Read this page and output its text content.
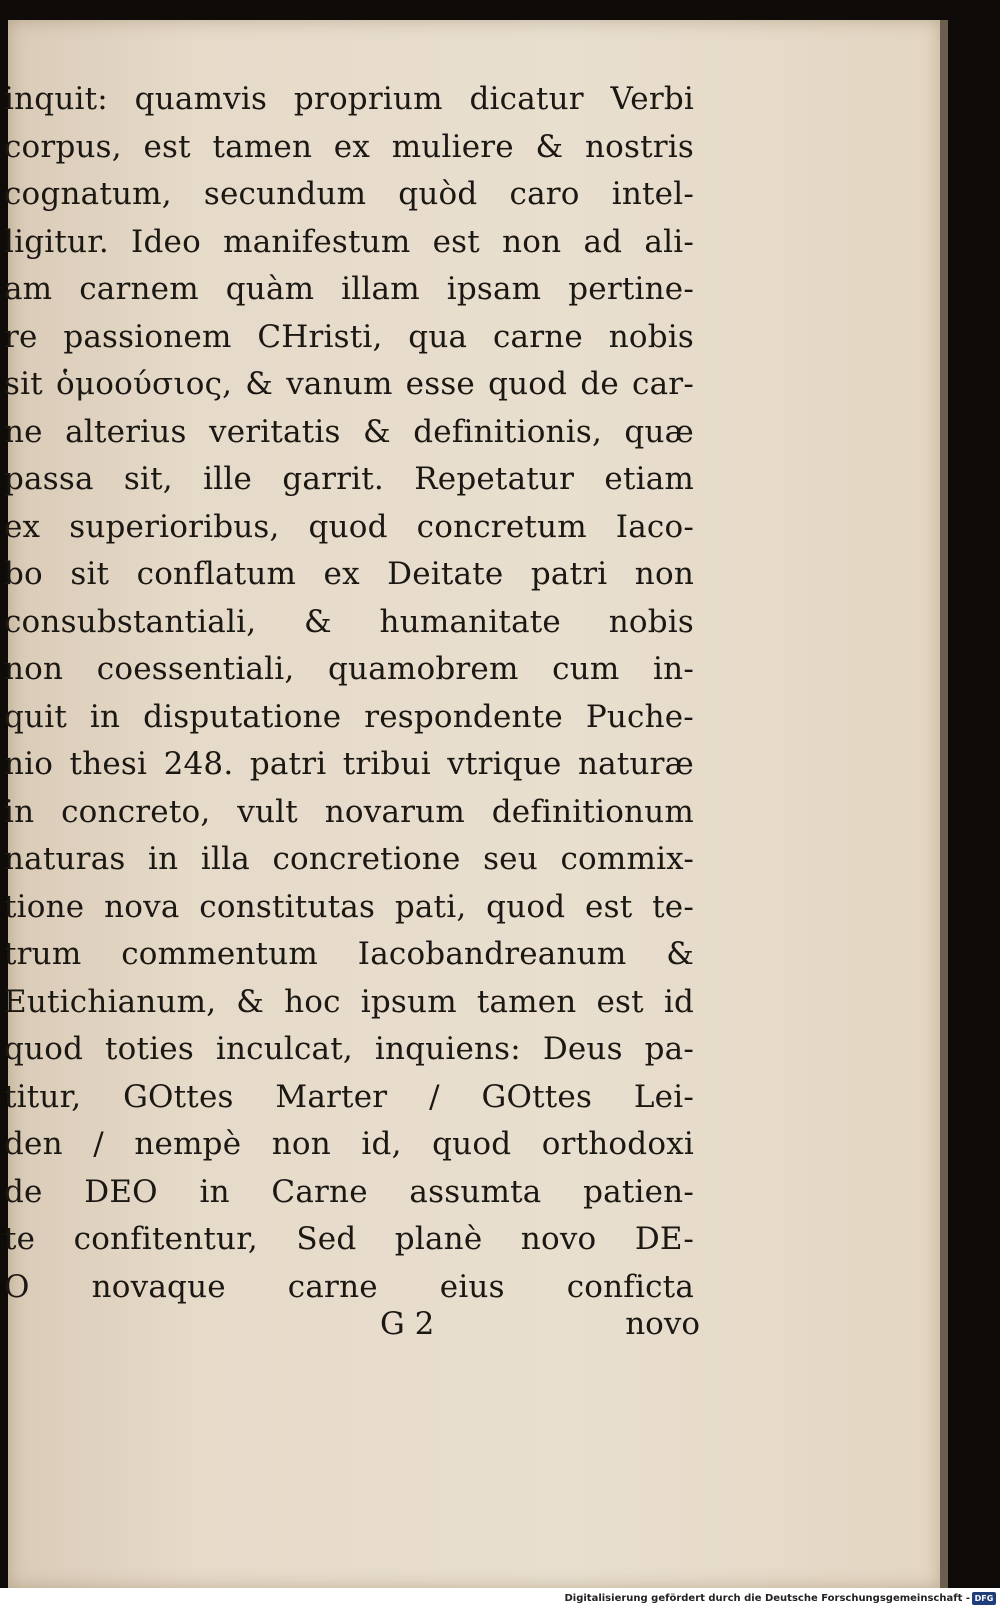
inquit: quamvis proprium dicatur Verbi
corpus, est tamen ex muliere & nostris
cognatum, secundum quòd caro intel-
ligitur. Ideo manifestum est non ad ali-
am carnem quàm illam ipsam pertine-
re passionem CHristi, qua carne nobis
sit ὁμοούσιος, & vanum esse quod de car-
ne alterius veritatis & definitionis, quæ
passa sit, ille garrit. Repetatur etiam
ex superioribus, quod concretum Iaco-
bo sit conflatum ex Deitate patri non
consubstantiali, & humanitate nobis
non coessentiali, quamobrem cum in-
quit in disputatione respondente Puche-
nio thesi 248. patri tribui vtrique naturæ
in concreto, vult novarum definitionum
naturas in illa concretione seu commix-
tione nova constitutas pati, quod est te-
trum commentum Iacobandreanum &
Eutichianum, & hoc ipsum tamen est id
quod toties inculcat, inquiens: Deus pa-
titur, GOttes Marter / GOttes Lei-
den / nempè non id, quod orthodoxi
de DEO in Carne assumta patien-
te confitentur, Sed planè novo DE-
O novaque carne eius conficta
G 2	novo
Digitalisierung gefördert durch die Deutsche Forschungsgemeinschaft - DFG
